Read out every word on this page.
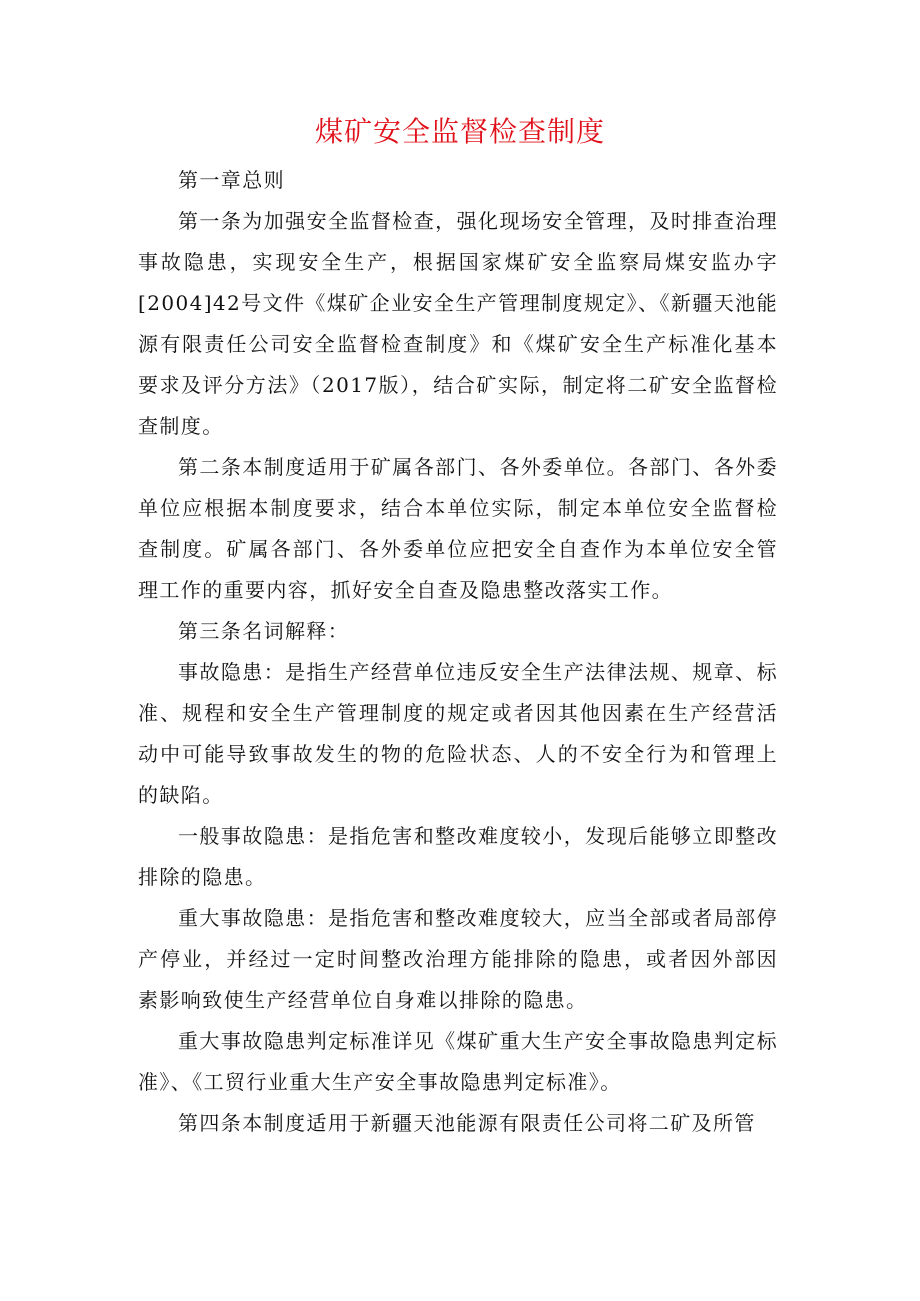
煤矿安全监督检查制度

第一章总则

第一条为加强安全监督检查，强化现场安全管理，及时排查治理事故隐患，实现安全生产，根据国家煤矿安全监察局煤安监办字[2004]42号文件《煤矿企业安全生产管理制度规定》、《新疆天池能源有限责任公司安全监督检查制度》和《煤矿安全生产标准化基本要求及评分方法》（2017版），结合矿实际，制定将二矿安全监督检查制度。

第二条本制度适用于矿属各部门、各外委单位。各部门、各外委单位应根据本制度要求，结合本单位实际，制定本单位安全监督检查制度。矿属各部门、各外委单位应把安全自查作为本单位安全管理工作的重要内容，抓好安全自查及隐患整改落实工作。

第三条名词解释：

事故隐患：是指生产经营单位违反安全生产法律法规、规章、标准、规程和安全生产管理制度的规定或者因其他因素在生产经营活动中可能导致事故发生的物的危险状态、人的不安全行为和管理上的缺陷。

一般事故隐患：是指危害和整改难度较小，发现后能够立即整改排除的隐患。

重大事故隐患：是指危害和整改难度较大，应当全部或者局部停产停业，并经过一定时间整改治理方能排除的隐患，或者因外部因素影响致使生产经营单位自身难以排除的隐患。

重大事故隐患判定标准详见《煤矿重大生产安全事故隐患判定标准》、《工贸行业重大生产安全事故隐患判定标准》。

第四条本制度适用于新疆天池能源有限责任公司将二矿及所管
